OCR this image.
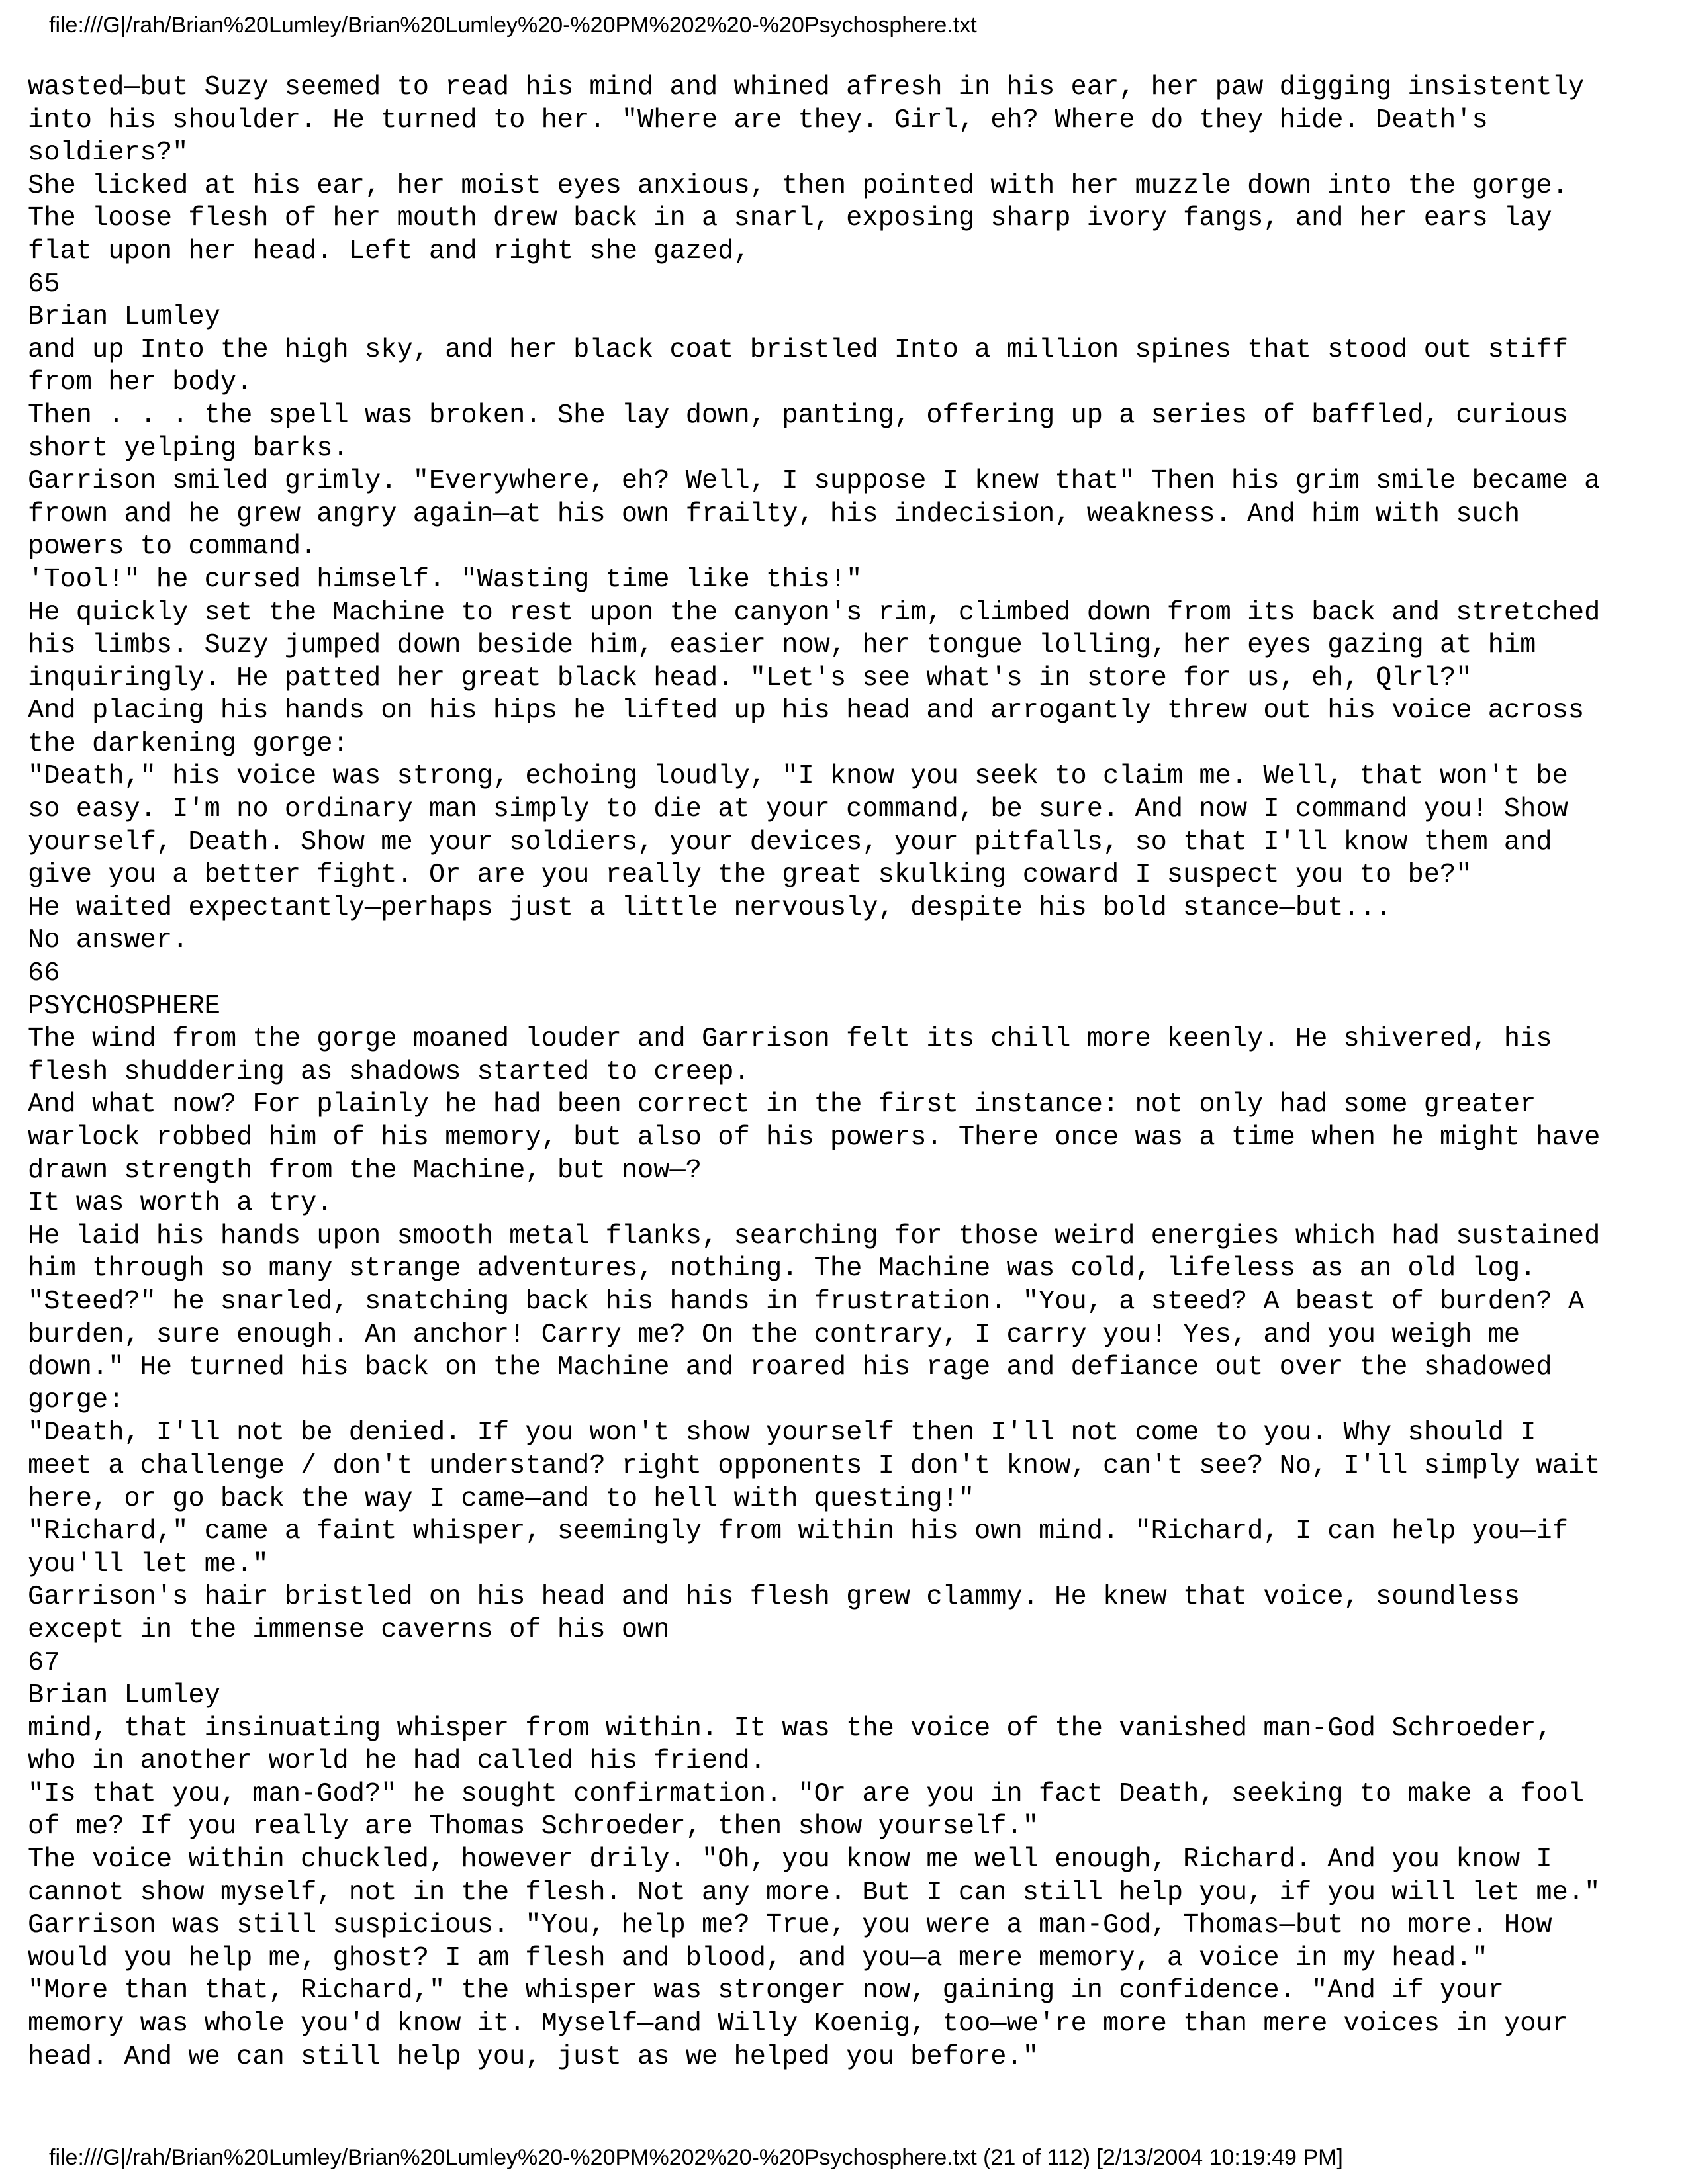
file:///G|/rah/Brian%20Lumley/Brian%20Lumley%20-%20PM%202%20-%20Psychosphere.txt
wasted—but Suzy seemed to read his mind and whined afresh in his ear, her paw digging insistently
into his shoulder. He turned to her. "Where are they. Girl, eh? Where do they hide. Death's
soldiers?"
She licked at his ear, her moist eyes anxious, then pointed with her muzzle down into the gorge.
The loose flesh of her mouth drew back in a snarl, exposing sharp ivory fangs, and her ears lay
flat upon her head. Left and right she gazed,
65
Brian Lumley
and up Into the high sky, and her black coat bristled Into a million spines that stood out stiff
from her body.
Then . . . the spell was broken. She lay down, panting, offering up a series of baffled, curious
short yelping barks.
Garrison smiled grimly. "Everywhere, eh? Well, I suppose I knew that" Then his grim smile became a
frown and he grew angry again—at his own frailty, his indecision, weakness. And him with such
powers to command.
'Tool!" he cursed himself. "Wasting time like this!"
He quickly set the Machine to rest upon the canyon's rim, climbed down from its back and stretched
his limbs. Suzy jumped down beside him, easier now, her tongue lolling, her eyes gazing at him
inquiringly. He patted her great black head. "Let's see what's in store for us, eh, Qlrl?"
And placing his hands on his hips he lifted up his head and arrogantly threw out his voice across
the darkening gorge:
"Death," his voice was strong, echoing loudly, "I know you seek to claim me. Well, that won't be
so easy. I'm no ordinary man simply to die at your command, be sure. And now I command you! Show
yourself, Death. Show me your soldiers, your devices, your pitfalls, so that I'll know them and
give you a better fight. Or are you really the great skulking coward I suspect you to be?"
He waited expectantly—perhaps just a little nervously, despite his bold stance—but...
No answer.
66
PSYCHOSPHERE
The wind from the gorge moaned louder and Garrison felt its chill more keenly. He shivered, his
flesh shuddering as shadows started to creep.
And what now? For plainly he had been correct in the first instance: not only had some greater
warlock robbed him of his memory, but also of his powers. There once was a time when he might have
drawn strength from the Machine, but now—?
It was worth a try.
He laid his hands upon smooth metal flanks, searching for those weird energies which had sustained
him through so many strange adventures, nothing. The Machine was cold, lifeless as an old log.
"Steed?" he snarled, snatching back his hands in frustration. "You, a steed? A beast of burden? A
burden, sure enough. An anchor! Carry me? On the contrary, I carry you! Yes, and you weigh me
down." He turned his back on the Machine and roared his rage and defiance out over the shadowed
gorge:
"Death, I'll not be denied. If you won't show yourself then I'll not come to you. Why should I
meet a challenge / don't understand? right opponents I don't know, can't see? No, I'll simply wait
here, or go back the way I came—and to hell with questing!"
"Richard," came a faint whisper, seemingly from within his own mind. "Richard, I can help you—if
you'll let me."
Garrison's hair bristled on his head and his flesh grew clammy. He knew that voice, soundless
except in the immense caverns of his own
67
Brian Lumley
mind, that insinuating whisper from within. It was the voice of the vanished man-God Schroeder,
who in another world he had called his friend.
"Is that you, man-God?" he sought confirmation. "Or are you in fact Death, seeking to make a fool
of me? If you really are Thomas Schroeder, then show yourself."
The voice within chuckled, however drily. "Oh, you know me well enough, Richard. And you know I
cannot show myself, not in the flesh. Not any more. But I can still help you, if you will let me."
Garrison was still suspicious. "You, help me? True, you were a man-God, Thomas—but no more. How
would you help me, ghost? I am flesh and blood, and you—a mere memory, a voice in my head."
"More than that, Richard," the whisper was stronger now, gaining in confidence. "And if your
memory was whole you'd know it. Myself—and Willy Koenig, too—we're more than mere voices in your
head. And we can still help you, just as we helped you before."
file:///G|/rah/Brian%20Lumley/Brian%20Lumley%20-%20PM%202%20-%20Psychosphere.txt (21 of 112) [2/13/2004 10:19:49 PM]
